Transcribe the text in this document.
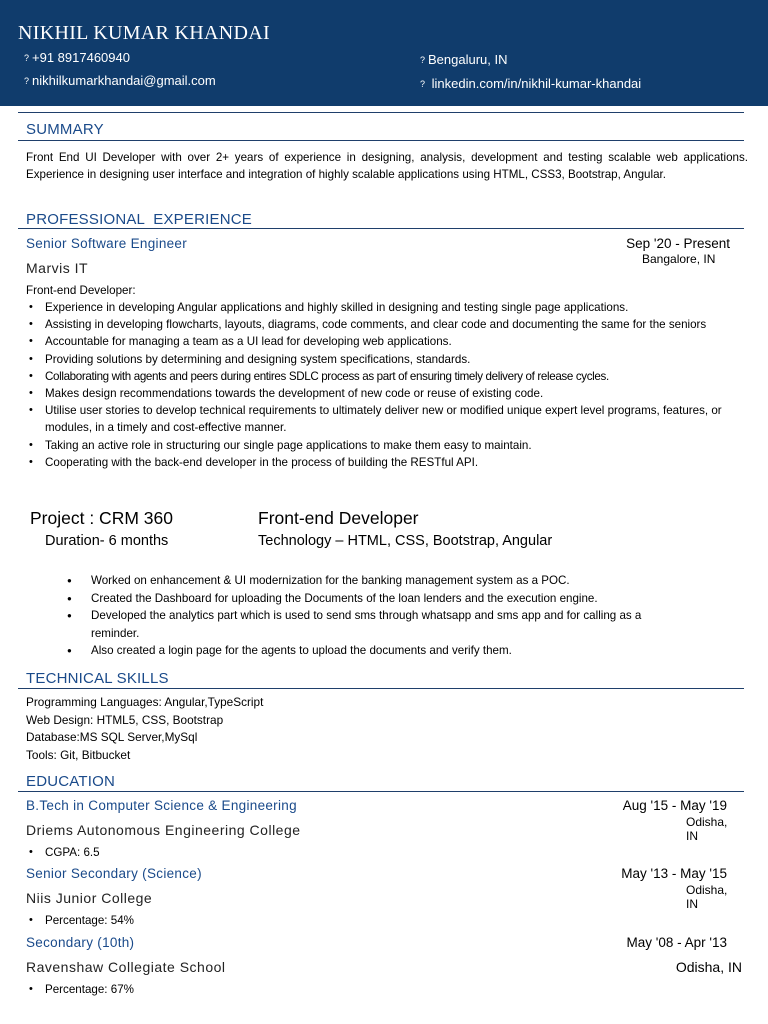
NIKHIL KUMAR KHANDAI
? +91 8917460940
? nikhilkumarkhandai@gmail.com
? Bengaluru, IN
? linkedin.com/in/nikhil-kumar-khandai
SUMMARY
Front End UI Developer with over 2+ years of experience in designing, analysis, development and testing scalable web applications. Experience in designing user interface and integration of highly scalable applications using HTML, CSS3, Bootstrap, Angular.
PROFESSIONAL  EXPERIENCE
Senior Software Engineer	Sep '20 - Present
Marvis IT
Bangalore, IN
Front-end Developer:
• Experience in developing Angular applications and highly skilled in designing and testing single page applications.
• Assisting in developing flowcharts, layouts, diagrams, code comments, and clear code and documenting the same for the seniors
• Accountable for managing a team as a UI lead for developing web applications.
• Providing solutions by determining and designing system specifications, standards.
• Collaborating with agents and peers during entires SDLC process as part of ensuring timely delivery of release cycles.
• Makes design recommendations towards the development of new code or reuse of existing code.
• Utilise user stories to develop technical requirements to ultimately deliver new or modified unique expert level programs, features, or modules, in a timely and cost-effective manner.
• Taking an active role in structuring our single page applications to make them easy to maintain.
• Cooperating with the back-end developer in the process of building the RESTful API.
Project : CRM 360	Front-end Developer
Duration- 6 months	Technology – HTML, CSS, Bootstrap, Angular
● Worked on enhancement & UI modernization for the banking management system as a POC.
● Created the Dashboard for uploading the Documents of the loan lenders and the execution engine.
● Developed the analytics part which is used to send sms through whatsapp and sms app and for calling as a reminder.
● Also created a login page for the agents to upload the documents and verify them.
TECHNICAL SKILLS
Programming Languages: Angular,TypeScript
Web Design: HTML5, CSS, Bootstrap
Database:MS SQL Server,MySql
Tools: Git, Bitbucket
EDUCATION
B.Tech in Computer Science & Engineering	Aug '15 - May '19
Driems Autonomous Engineering College	Odisha,
IN
• CGPA: 6.5
Senior Secondary (Science)	May '13 - May '15
Niis Junior College	Odisha,
IN
• Percentage: 54%
Secondary (10th)	May '08 - Apr '13
Ravenshaw Collegiate School	Odisha, IN
• Percentage: 67%
